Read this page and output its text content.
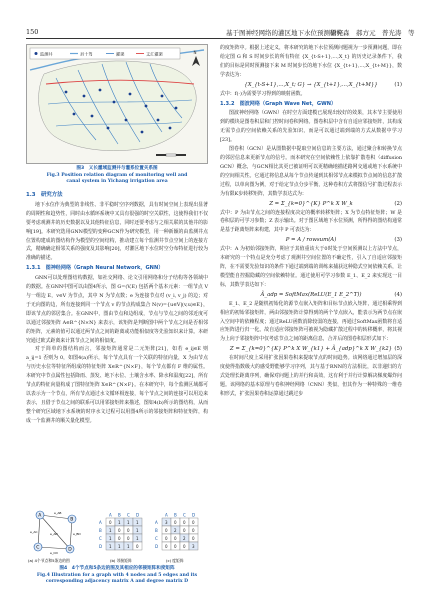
150	基于图神经网络的灌区地下水位预测研究
徐梓森　郝方元　普光涛　等
监测井	县十驾	灌渠	文汇灌渠	N
图3　义长灌域监测井与灌系位置关系图
Fig.3 Position relation diagram of monitoring well and
canal system in Yichang irrigation area
1.3　研究方法

地下水位作为典型的非线性、非平稳时空序列数据，具有时间空间上表现出显著的周期性和趋势性，同时由水循环系统中又具有很强的时空关联性，这使得我们不仅要考虑观测井的历史数据以及其他特征信息，同时还要考虑与之相关联的其他井的影响[19]。本研究选用GNN模型的变种GCN作为研究模型，用一种新颖的由监测井点位置构建成的图结构作为模型的空间结构，推动建立每个监测井节点空间上的连接方式，精确确定相邻关系的强度及其影响[20]，对灌区地下水位时空分布特征进行较为准确的描述。

1.3.1　图神经网络（Graph Neural Network，GNN）

GNN可以处理图结构数据，如社交网络、论文引用网络和分子结构等各领域中的数据。在GNN中图可以由图4所示，图 G=(V,E) 包括两个基本元素：一组节点 V 与一组边 E，v∈V 为节点，其中 N 为节点数；e 为连接节点对 (v_i, v_j) 的边；对于无向图的边，所有连接到同一个节点 v 的节点构成集合 N(v)={u∈V|(v,u)∈E}，即该节点的邻居集合。在GNN中，图由节点和边组成，节点与节点之间的邻近度可以通过邻接矩阵 A∈R^{N×N} 来表示，该矩阵是判断图中两个节点之间是否相邻的矩阵，元素的值可以通过两节点之间的距离或功能相似度等先验知识来计算。本研究通过欧式距离来计算节点之间的相似度。

对于简单的图结构而言，邻接矩阵通常是二元矩阵[21]，如若 e_ij∈E 则 a_ij=1 否则为 0，如图4(a)所示，每个节点具有一个关联的特征向量，X 为由节点与历史水位等特征所组成的特征矩阵 X∈R^{N×F}，每个节点都有 F 维的属性。本研究中节点属性包括降雨、蒸发、地下水位、土壤含水率、降水和温度[22]，所有节点的特征向量构成了图特征矩阵 X∈R^{N×F}。在本研究中，每个监测区域都可以表示为一个节点，所有节点通过水文循环相连接，每个节点之间的连接可以用边来表示，且借于节点之间的联系可以用邻接矩阵来描述，图如4(b)所示的图结构，从而整个研究区域地下水系统的时序水文过程可以用图4所示的邻接矩阵和特征矩阵，构成一个监测井的顺关量化模型。

A
B
C	D
e_AB
e_AC	e_AD	e_BD
e_CD
(a) 4个节点和5条边的图
A B C D
A 0 1 1 1
B 1 0 0 1
C 1 0 0 1
D 1 1 1 0
(b) 邻接矩阵
A B C D
A 3 0 0 0
B 0 2 0 0
C 0 0 2 0
D 0 0 0 3
(c) 度矩阵
图4　4个节点和5条边的图及其相应的邻接矩阵和度矩阵
Fig.4 Illustration for a graph with 4 nodes and 5 edges and its
corresponding adjacency matrix A and degree matrix D

的度矩阵中。根据上述定义，将本研究的地下水位预测问题视为一步预测问题，即在给定图 G 和 S 时间步长的所有特征 {X_{t-S+1},...,X_t} 的历史记录条件下，我们的目标是同时预测接下来 M 时间步长的地下水位 {X_{t+1},...,X_{t+M}}，数学表达为：

{X_{t-S+1},...,X_t; G} → {X_{t+1},...,X_{t+M}}	(1)

式中：f(·)为需要学习得到的映射函数。

1.3.2　图波网络（Graph Wave Net，GWN）

图波神经网络（GWN）在时空方面建模已展现出较好的效果，其本节主要使用到的模块是图卷积层和门控时间卷积网络。图卷积层中含有自适应邻接矩阵，其构成无需节点的空间依赖关系的先验知识，而是可以通过端到端的方式从数据中学习[23]。

图卷积（GCN）是从图数据中提取空间信息的主要方法，通过聚合和转换节点的邻居信息来更新节点的信号。而本研究在空间依赖性上依靠扩散卷积（diffusion GCN）概念，与GCN相比其更已被证明可以更精确地描述路网交通或地下水系统中的空间相关性。它通过将信息从每个节点传递到其相邻节点来模拟节点间的信息扩散过程，以单向图为例，对于给定节点分步平衡，这种卷积方式将图信号扩散过程表示为有限K步转移矩阵，其数学表达式为：

Z = Σ_{k=0}^{K} P^k X W_k	(2)

式中：P 为由节点之间的连接程度决定的概率转移矩阵；X 为节点特征矩阵；W 是卷积层的可学习参数；Z 表示输出。对于图区域地下水位预测，所得得的图结构通常是基于距离矩阵来构建，其中 P 可表达为：

P = A / rowsum(A)	(3)

式中：A 为初始邻接矩阵，期应于其值重该大于0时处于空间预测以上方法中节点，本研究的一个特点是充分考虑了观测井空间位置的不确定性，引入了自适应邻接矩阵，在不需要先验知识的条件下通过端到端的训练来捕获这种隐式空间依赖关系，让模型能自控掘隐藏的空间依赖特征。通过使用可学习参数 E_1、E_2 来实现这一目标，其数学表达如下：

Ã_adp = SoftMax(ReLU(E_1 E_2^T))	(4)

E_1、E_2 是随机初始化的源节点嵌入矩阵和目标节点嵌入矩阵，通过相乘得到相应的初始邻接矩阵，两由邻接矩阵计算得到的两个节点嵌入，能表示为两节点在嵌入空间中的依赖程度；通过ReLU函数消除较弱的连接，再通过SoftMax函数将自适应矩阵进行归一化。故自适应邻接矩阵可被视为隐藏扩散过程中的转移概率，将其视为上向于邻接矩阵中仅考虑节点之间的距离信息，合并后的图卷积层形式如下：

Z = Σ_{k=0}^{K} P^k X W_{k1} + Ã_{adp}^k X W_{k2} (5)

在时间尺度上采用扩张因果卷积来提取节点的时间趋势。该网络通过增加层的深度使得指数级大的感受野能够学习序列，其与基于RNN的方法相比，以非递归的方式处理长距离序列，确保对问题上的并行和高效，这有利于并行计算解决梯度爆炸问题。该网络的基本原理与卷积神经网络（CNN）类似，但其作为一种特殊的一维卷积形式，扩张因果卷积运算通过跳过步
